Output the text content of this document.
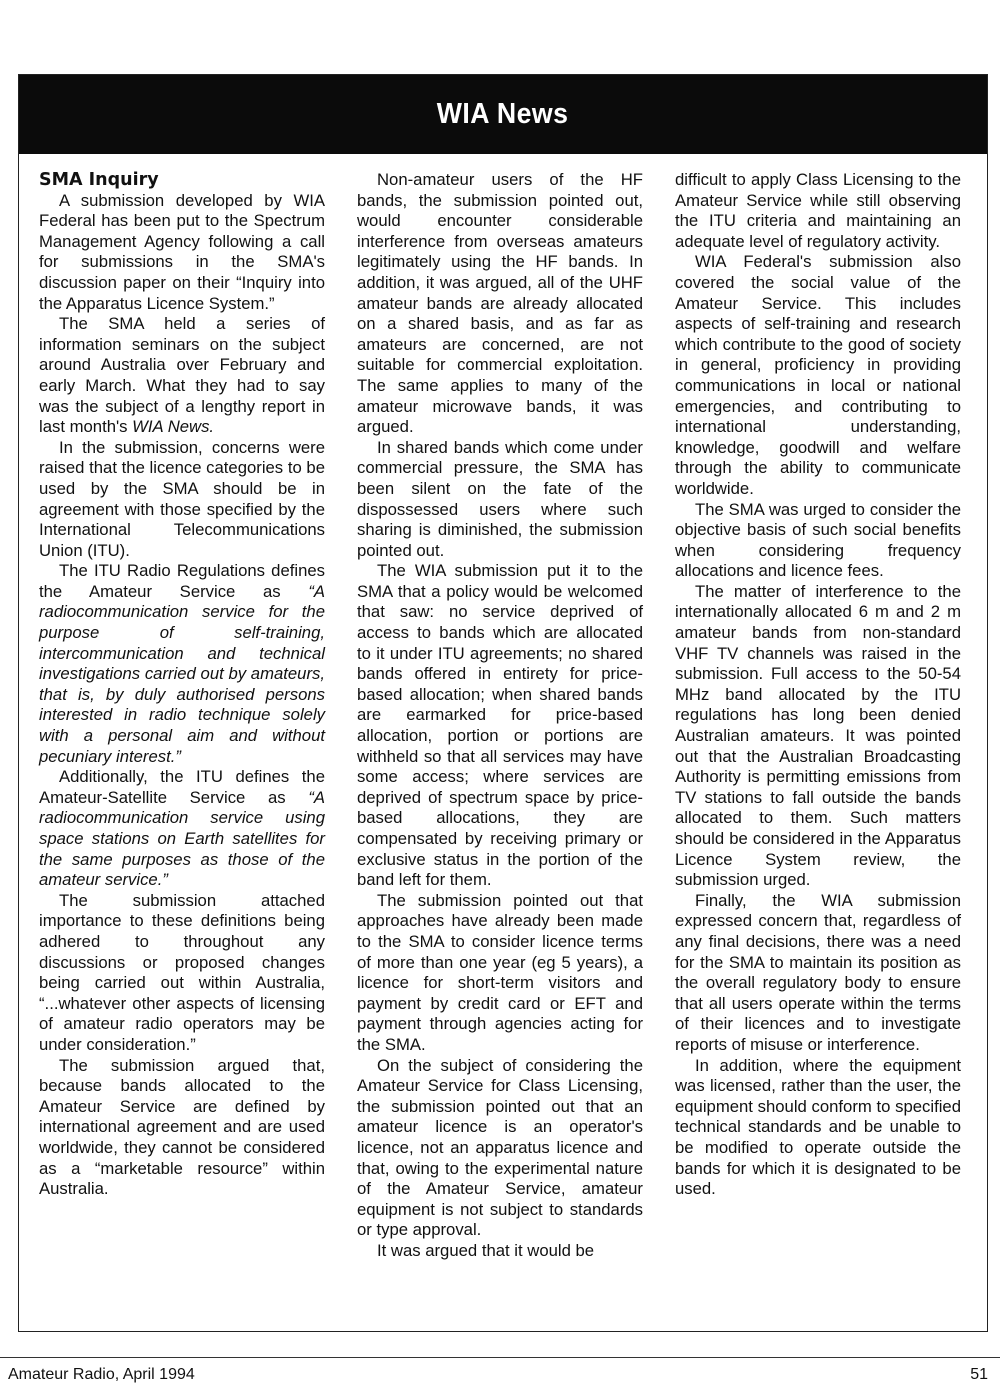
WIA News

SMA Inquiry

A submission developed by WIA Federal has been put to the Spectrum Management Agency following a call for submissions in the SMA's discussion paper on their “Inquiry into the Apparatus Licence System.”

The SMA held a series of information seminars on the subject around Australia over February and early March. What they had to say was the subject of a lengthy report in last month's WIA News.

In the submission, concerns were raised that the licence categories to be used by the SMA should be in agreement with those specified by the International Telecommunications Union (ITU).

The ITU Radio Regulations defines the Amateur Service as “A radiocommunication service for the purpose of self-training, intercommunication and technical investigations carried out by amateurs, that is, by duly authorised persons interested in radio technique solely with a personal aim and without pecuniary interest.”

Additionally, the ITU defines the Amateur-Satellite Service as “A radiocommunication service using space stations on Earth satellites for the same purposes as those of the amateur service.”

The submission attached importance to these definitions being adhered to throughout any discussions or proposed changes being carried out within Australia, “...whatever other aspects of licensing of amateur radio operators may be under consideration.”

The submission argued that, because bands allocated to the Amateur Service are defined by international agreement and are used worldwide, they cannot be considered as a “marketable resource” within Australia.

Non-amateur users of the HF bands, the submission pointed out, would encounter considerable interference from overseas amateurs legitimately using the HF bands. In addition, it was argued, all of the UHF amateur bands are already allocated on a shared basis, and as far as amateurs are concerned, are not suitable for commercial exploitation. The same applies to many of the amateur microwave bands, it was argued.

In shared bands which come under commercial pressure, the SMA has been silent on the fate of the dispossessed users where such sharing is diminished, the submission pointed out.

The WIA submission put it to the SMA that a policy would be welcomed that saw: no service deprived of access to bands which are allocated to it under ITU agreements; no shared bands offered in entirety for price-based allocation; when shared bands are earmarked for price-based allocation, portion or portions are withheld so that all services may have some access; where services are deprived of spectrum space by price-based allocations, they are compensated by receiving primary or exclusive status in the portion of the band left for them.

The submission pointed out that approaches have already been made to the SMA to consider licence terms of more than one year (eg 5 years), a licence for short-term visitors and payment by credit card or EFT and payment through agencies acting for the SMA.

On the subject of considering the Amateur Service for Class Licensing, the submission pointed out that an amateur licence is an operator's licence, not an apparatus licence and that, owing to the experimental nature of the Amateur Service, amateur equipment is not subject to standards or type approval.

It was argued that it would be

difficult to apply Class Licensing to the Amateur Service while still observing the ITU criteria and maintaining an adequate level of regulatory activity.

WIA Federal's submission also covered the social value of the Amateur Service. This includes aspects of self-training and research which contribute to the good of society in general, proficiency in providing communications in local or national emergencies, and contributing to international understanding, knowledge, goodwill and welfare through the ability to communicate worldwide.

The SMA was urged to consider the objective basis of such social benefits when considering frequency allocations and licence fees.

The matter of interference to the internationally allocated 6 m and 2 m amateur bands from non-standard VHF TV channels was raised in the submission. Full access to the 50-54 MHz band allocated by the ITU regulations has long been denied Australian amateurs. It was pointed out that the Australian Broadcasting Authority is permitting emissions from TV stations to fall outside the bands allocated to them. Such matters should be considered in the Apparatus Licence System review, the submission urged.

Finally, the WIA submission expressed concern that, regardless of any final decisions, there was a need for the SMA to maintain its position as the overall regulatory body to ensure that all users operate within the terms of their licences and to investigate reports of misuse or interference.

In addition, where the equipment was licensed, rather than the user, the equipment should conform to specified technical standards and be unable to be modified to operate outside the bands for which it is designated to be used.

Amateur Radio, April 1994	51
